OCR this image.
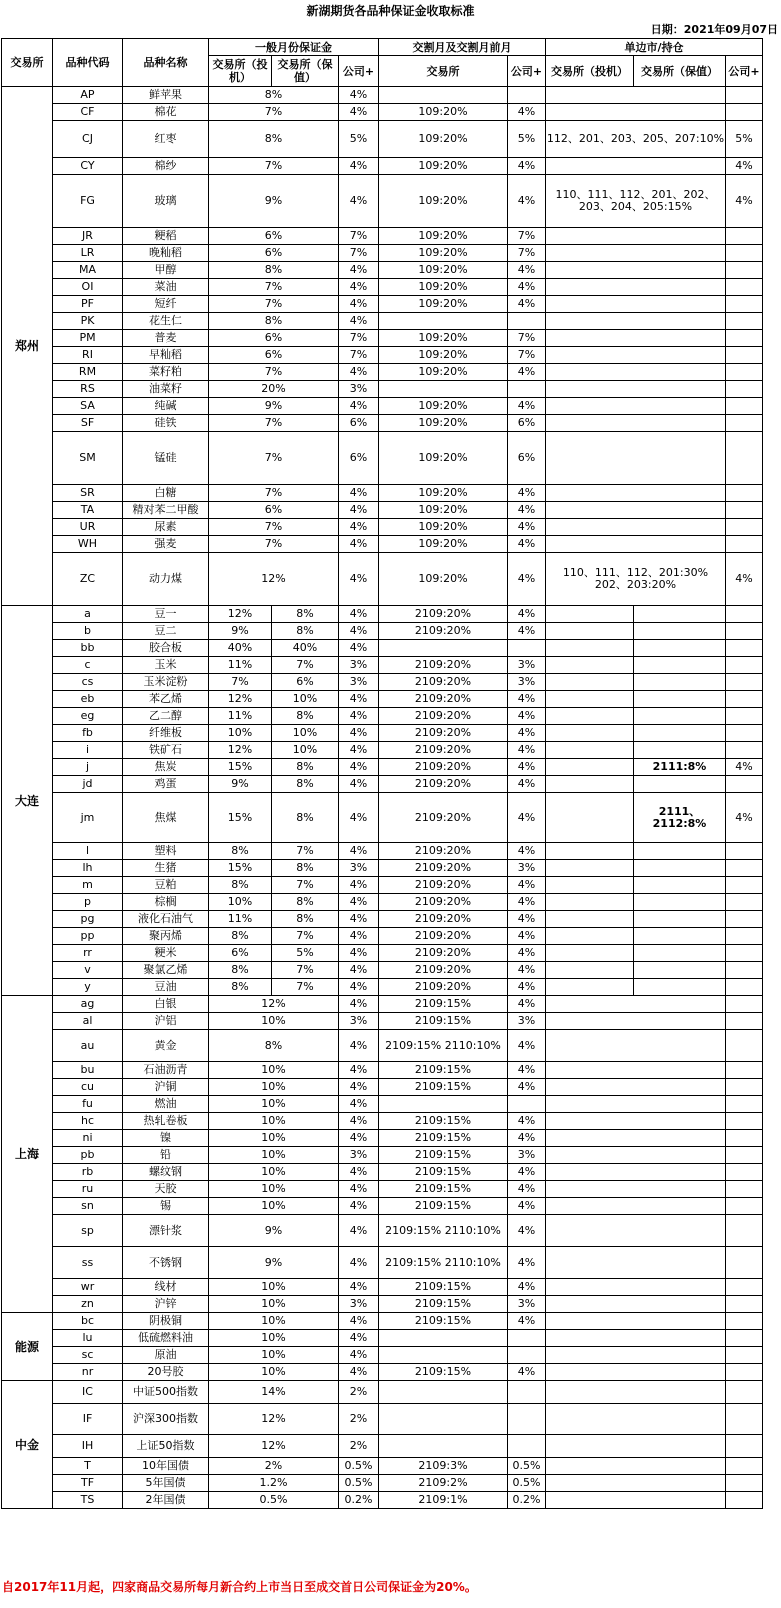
新湖期货各品种保证金收取标准
日期：2021年09月07日
交易所	品种代码	品种名称	一般月份保证金			交割月及交割月前月		单边市/持仓		
			交易所（投机）	交易所（保值）	公司+	交易所	公司+	交易所（投机）	交易所（保值）	公司+
郑州	AP	鲜苹果	8%		4%					
	CF	棉花	7%		4%	109:20%	4%			
	CJ	红枣	8%		5%	109:20%	5%	112、201、203、205、207:10%		5%
	CY	棉纱	7%		4%	109:20%	4%			4%
	FG	玻璃	9%		4%	109:20%	4%	110、111、112、201、202、203、204、205:15%		4%
	JR	粳稻	6%		7%	109:20%	7%			
	LR	晚籼稻	6%		7%	109:20%	7%			
	MA	甲醇	8%		4%	109:20%	4%			
	OI	菜油	7%		4%	109:20%	4%			
	PF	短纤	7%		4%	109:20%	4%			
	PK	花生仁	8%		4%					
	PM	普麦	6%		7%	109:20%	7%			
	RI	早籼稻	6%		7%	109:20%	7%			
	RM	菜籽粕	7%		4%	109:20%	4%			
	RS	油菜籽	20%		3%					
	SA	纯碱	9%		4%	109:20%	4%			
	SF	硅铁	7%		6%	109:20%	6%			
	SM	锰硅	7%		6%	109:20%	6%			
	SR	白糖	7%		4%	109:20%	4%			
	TA	精对苯二甲酸	6%		4%	109:20%	4%			
	UR	尿素	7%		4%	109:20%	4%			
	WH	强麦	7%		4%	109:20%	4%			
	ZC	动力煤	12%		4%	109:20%	4%	110、111、112、201:30% 202、203:20%		4%
大连	a	豆一	12%	8%	4%	2109:20%	4%			
	b	豆二	9%	8%	4%	2109:20%	4%			
	bb	胶合板	40%	40%	4%					
	c	玉米	11%	7%	3%	2109:20%	3%			
	cs	玉米淀粉	7%	6%	3%	2109:20%	3%			
	eb	苯乙烯	12%	10%	4%	2109:20%	4%			
	eg	乙二醇	11%	8%	4%	2109:20%	4%			
	fb	纤维板	10%	10%	4%	2109:20%	4%			
	i	铁矿石	12%	10%	4%	2109:20%	4%			
	j	焦炭	15%	8%	4%	2109:20%	4%		2111:8%	4%
	jd	鸡蛋	9%	8%	4%	2109:20%	4%			
	jm	焦煤	15%	8%	4%	2109:20%	4%		2111、2112:8%	4%
	l	塑料	8%	7%	4%	2109:20%	4%			
	lh	生猪	15%	8%	3%	2109:20%	3%			
	m	豆粕	8%	7%	4%	2109:20%	4%			
	p	棕榈	10%	8%	4%	2109:20%	4%			
	pg	液化石油气	11%	8%	4%	2109:20%	4%			
	pp	聚丙烯	8%	7%	4%	2109:20%	4%			
	rr	粳米	6%	5%	4%	2109:20%	4%			
	v	聚氯乙烯	8%	7%	4%	2109:20%	4%			
	y	豆油	8%	7%	4%	2109:20%	4%			
上海	ag	白银	12%		4%	2109:15%	4%			
	al	沪铝	10%		3%	2109:15%	3%			
	au	黄金	8%		4%	2109:15% 2110:10%	4%			
	bu	石油沥青	10%		4%	2109:15%	4%			
	cu	沪铜	10%		4%	2109:15%	4%			
	fu	燃油	10%		4%					
	hc	热轧卷板	10%		4%	2109:15%	4%			
	ni	镍	10%		4%	2109:15%	4%			
	pb	铅	10%		3%	2109:15%	3%			
	rb	螺纹钢	10%		4%	2109:15%	4%			
	ru	天胶	10%		4%	2109:15%	4%			
	sn	锡	10%		4%	2109:15%	4%			
	sp	漂针浆	9%		4%	2109:15% 2110:10%	4%			
	ss	不锈钢	9%		4%	2109:15% 2110:10%	4%			
	wr	线材	10%		4%	2109:15%	4%			
	zn	沪锌	10%		3%	2109:15%	3%			
能源	bc	阴极铜	10%		4%	2109:15%	4%			
	lu	低硫燃料油	10%		4%					
	sc	原油	10%		4%					
	nr	20号胶	10%		4%	2109:15%	4%			
中金	IC	中证500指数	14%		2%					
	IF	沪深300指数	12%		2%					
	IH	上证50指数	12%		2%					
	T	10年国债	2%		0.5%	2109:3%	0.5%			
	TF	5年国债	1.2%		0.5%	2109:2%	0.5%			
	TS	2年国债	0.5%		0.2%	2109:1%	0.2%			
自2017年11月起，四家商品交易所每月新合约上市当日至成交首日公司保证金为20%。
